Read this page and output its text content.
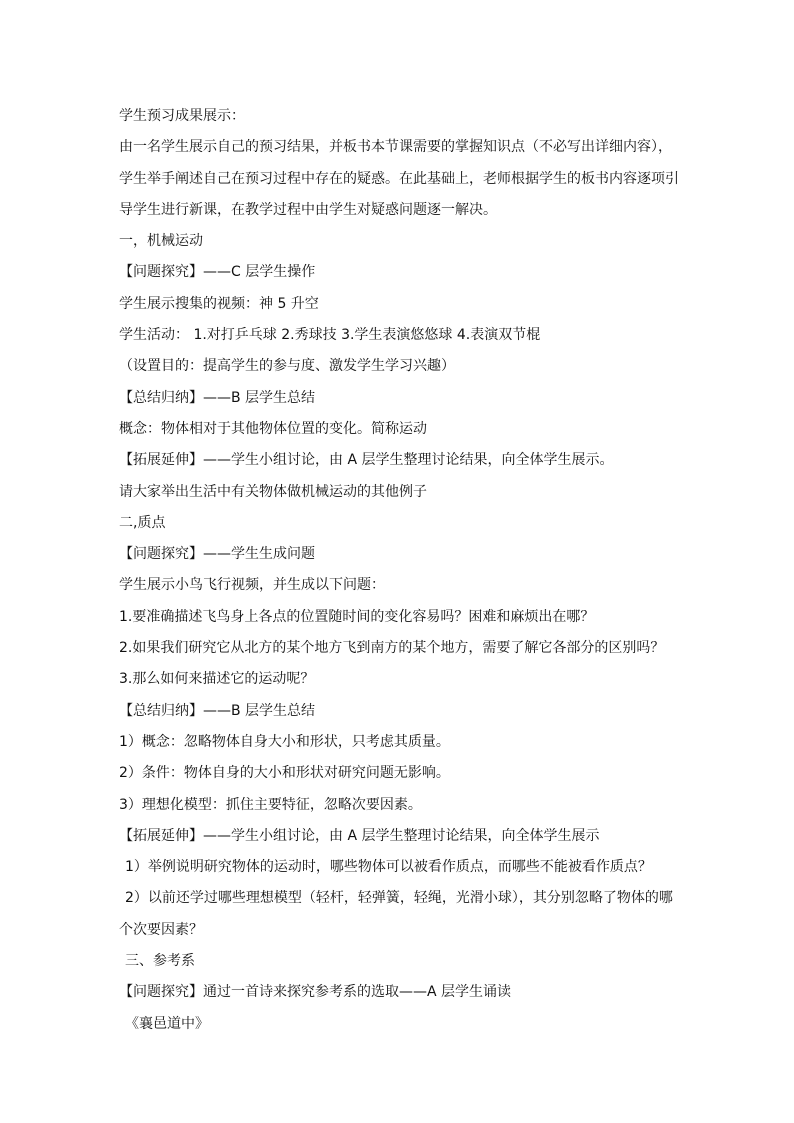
学生预习成果展示：
由一名学生展示自己的预习结果，并板书本节课需要的掌握知识点（不必写出详细内容），
学生举手阐述自己在预习过程中存在的疑惑。在此基础上，老师根据学生的板书内容逐项引
导学生进行新课，在教学过程中由学生对疑惑问题逐一解决。
一，机械运动
【问题探究】——C 层学生操作
学生展示搜集的视频：神 5 升空
学生活动： 1.对打乒乓球 2.秀球技 3.学生表演悠悠球 4.表演双节棍
（设置目的：提高学生的参与度、激发学生学习兴趣）
【总结归纳】——B 层学生总结
概念：物体相对于其他物体位置的变化。简称运动
【拓展延伸】——学生小组讨论，由 A 层学生整理讨论结果，向全体学生展示。
请大家举出生活中有关物体做机械运动的其他例子
二,质点
【问题探究】——学生生成问题
学生展示小鸟飞行视频，并生成以下问题：
1.要准确描述飞鸟身上各点的位置随时间的变化容易吗？困难和麻烦出在哪？
2.如果我们研究它从北方的某个地方飞到南方的某个地方，需要了解它各部分的区别吗？
3.那么如何来描述它的运动呢？
【总结归纳】——B 层学生总结
1）概念：忽略物体自身大小和形状，只考虑其质量。
2）条件：物体自身的大小和形状对研究问题无影响。
3）理想化模型：抓住主要特征，忽略次要因素。
【拓展延伸】——学生小组讨论，由 A 层学生整理讨论结果，向全体学生展示
1）举例说明研究物体的运动时，哪些物体可以被看作质点，而哪些不能被看作质点？
2）以前还学过哪些理想模型（轻杆，轻弹簧，轻绳，光滑小球），其分别忽略了物体的哪
个次要因素？
三、参考系
【问题探究】通过一首诗来探究参考系的选取——A 层学生诵读
《襄邑道中》
